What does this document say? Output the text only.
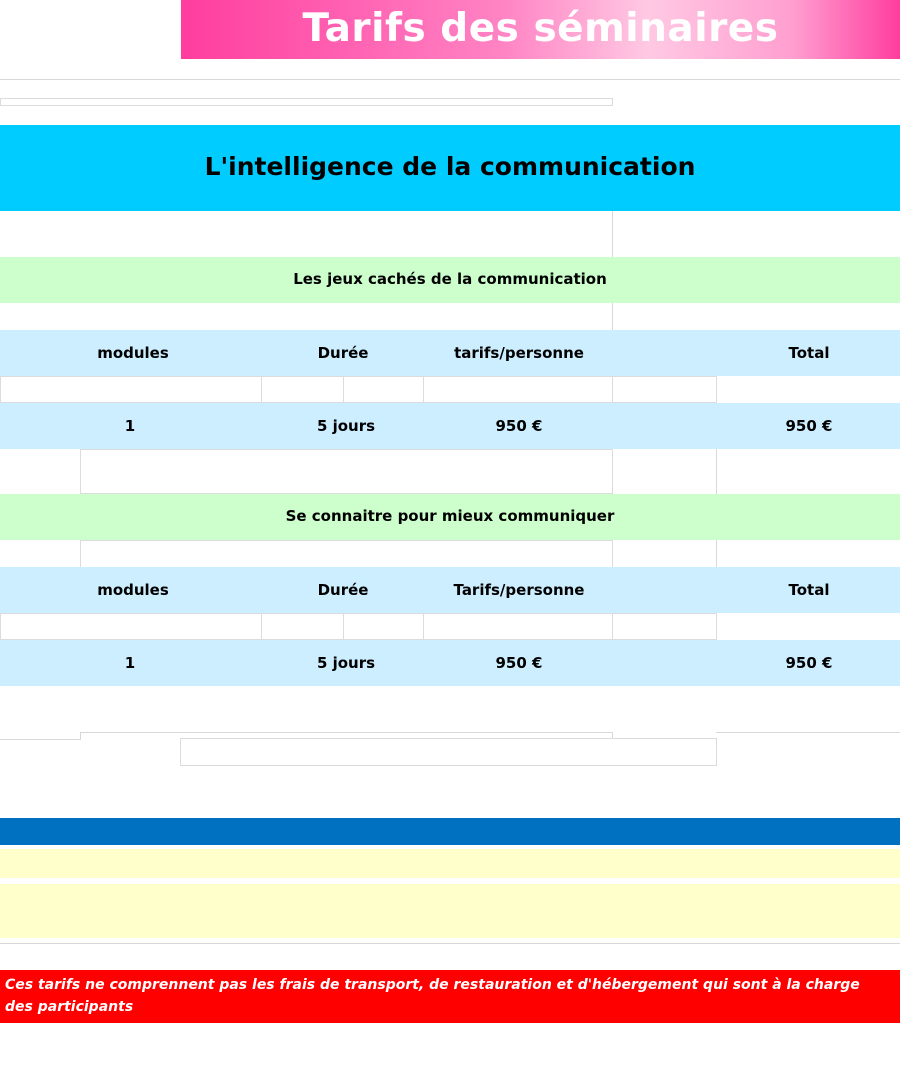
Tarifs des séminaires
L'intelligence de la communication
Les jeux cachés de la communication
modules	Durée	tarifs/personne	Total
1	5 jours	950 €	950 €
Se connaitre pour mieux communiquer
modules	Durée	Tarifs/personne	Total
1	5 jours	950 €	950 €
Ces tarifs ne comprennent pas les frais de transport, de restauration et d'hébergement qui sont à la charge des participants
